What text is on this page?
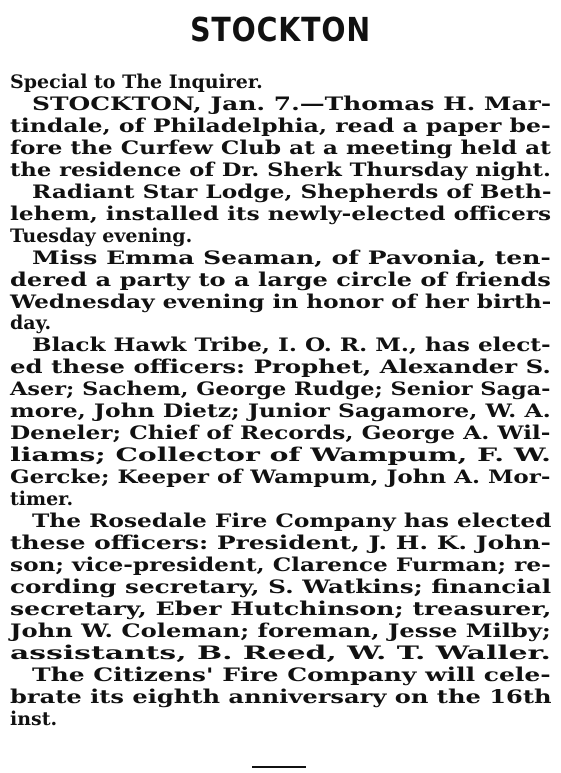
STOCKTON
Special to The Inquirer.
STOCKTON, Jan. 7.—Thomas H. Mar-
tindale, of Philadelphia, read a paper be-
fore the Curfew Club at a meeting held at
the residence of Dr. Sherk Thursday night.
Radiant Star Lodge, Shepherds of Beth-
lehem, installed its newly-elected officers
Tuesday evening.
Miss Emma Seaman, of Pavonia, ten-
dered a party to a large circle of friends
Wednesday evening in honor of her birth-
day.
Black Hawk Tribe, I. O. R. M., has elect-
ed these officers: Prophet, Alexander S.
Aser; Sachem, George Rudge; Senior Saga-
more, John Dietz; Junior Sagamore, W. A.
Deneler; Chief of Records, George A. Wil-
liams; Collector of Wampum, F. W.
Gercke; Keeper of Wampum, John A. Mor-
timer.
The Rosedale Fire Company has elected
these officers: President, J. H. K. John-
son; vice-president, Clarence Furman; re-
cording secretary, S. Watkins; financial
secretary, Eber Hutchinson; treasurer,
John W. Coleman; foreman, Jesse Milby;
assistants, B. Reed, W. T. Waller.
The Citizens' Fire Company will cele-
brate its eighth anniversary on the 16th
inst.
